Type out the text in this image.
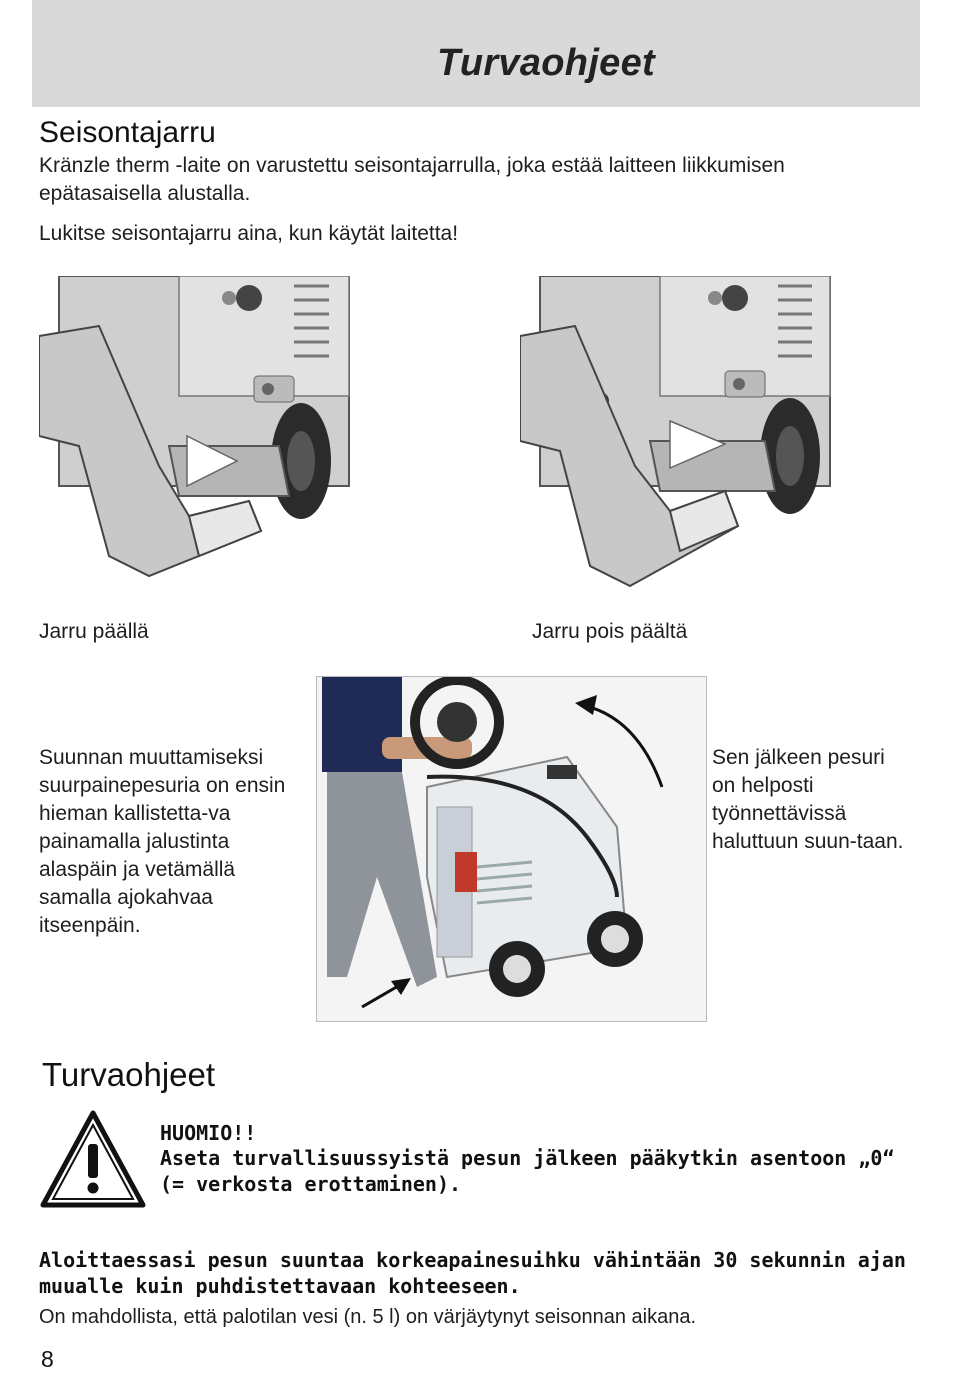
Turvaohjeet
Seisontajarru
Kränzle therm -laite on varustettu seisontajarrulla, joka estää laitteen liikkumisen epätasaisella alustalla.
Lukitse seisontajarru aina, kun käytät laitetta!
Jarru päällä	Jarru pois päältä
Suunnan muuttamiseksi suurpainepesuria on ensin hieman kallistetta-va painamalla jalustinta alaspäin ja vetämällä samalla ajokahvaa itseenpäin.
Sen jälkeen pesuri on helposti työnnettävissä haluttuun suun-taan.
Turvaohjeet
HUOMIO!!
Aseta turvallisuussyistä pesun jälkeen pääkytkin asentoon „0“ (= verkosta erottaminen).
Aloittaessasi pesun suuntaa korkeapainesuihku vähintään 30 sekunnin ajan muualle kuin puhdistettavaan kohteeseen.
On mahdollista, että palotilan vesi (n. 5 l) on värjäytynyt seisonnan aikana.
8
